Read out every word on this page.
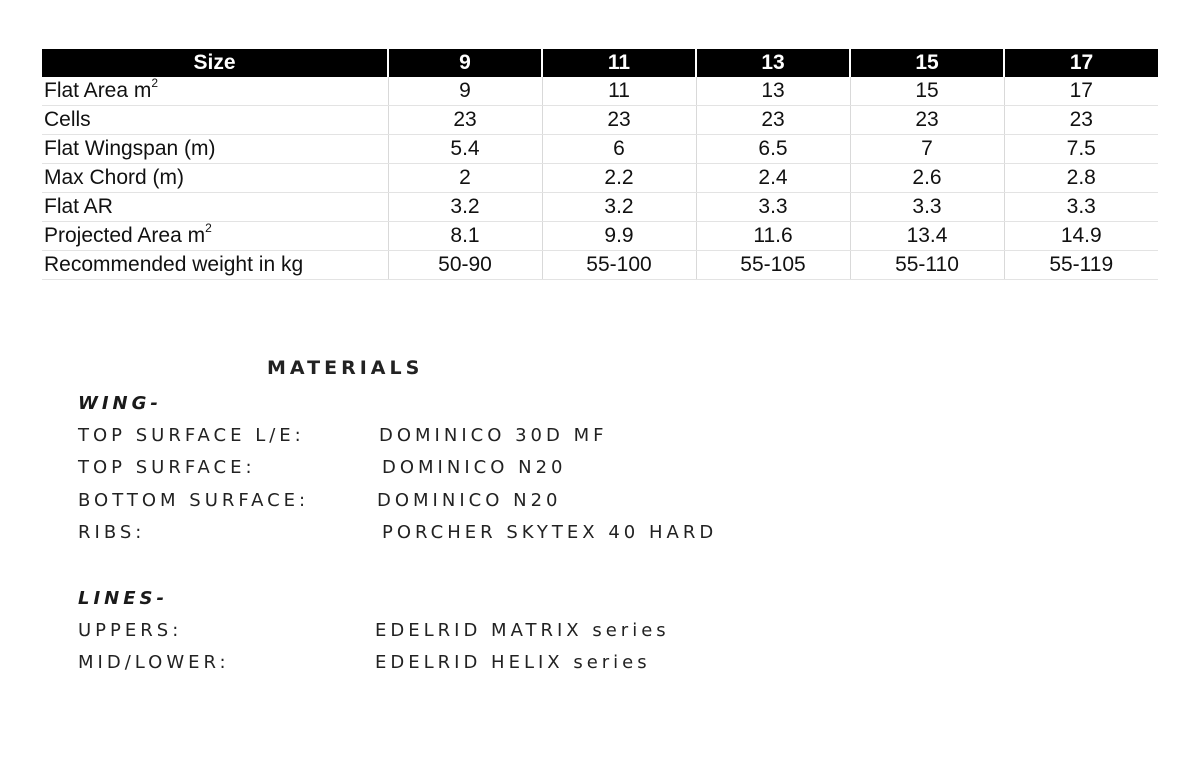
Size	9	11	13	15	17
Flat Area $m^2$	9	11	13	15	17
Cells	23	23	23	23	23
Flat Wingspan (m)	5.4	6	6.5	7	7.5
Max Chord (m)	2	2.2	2.4	2.6	2.8
Flat AR	3.2	3.2	3.3	3.3	3.3
Projected Area $m^2$	8.1	9.9	11.6	13.4	14.9
Recommended weight in kg	50-90	55-100	55-105	55-110	55-119
MATERIALS
WING-
TOP SURFACE L/E:	DOMINICO 30D MF
TOP SURFACE:	DOMINICO N20
BOTTOM SURFACE:	DOMINICO N20
RIBS:	PORCHER SKYTEX 40 HARD
LINES-
UPPERS:	EDELRID MATRIX series
MID/LOWER:	EDELRID HELIX series
